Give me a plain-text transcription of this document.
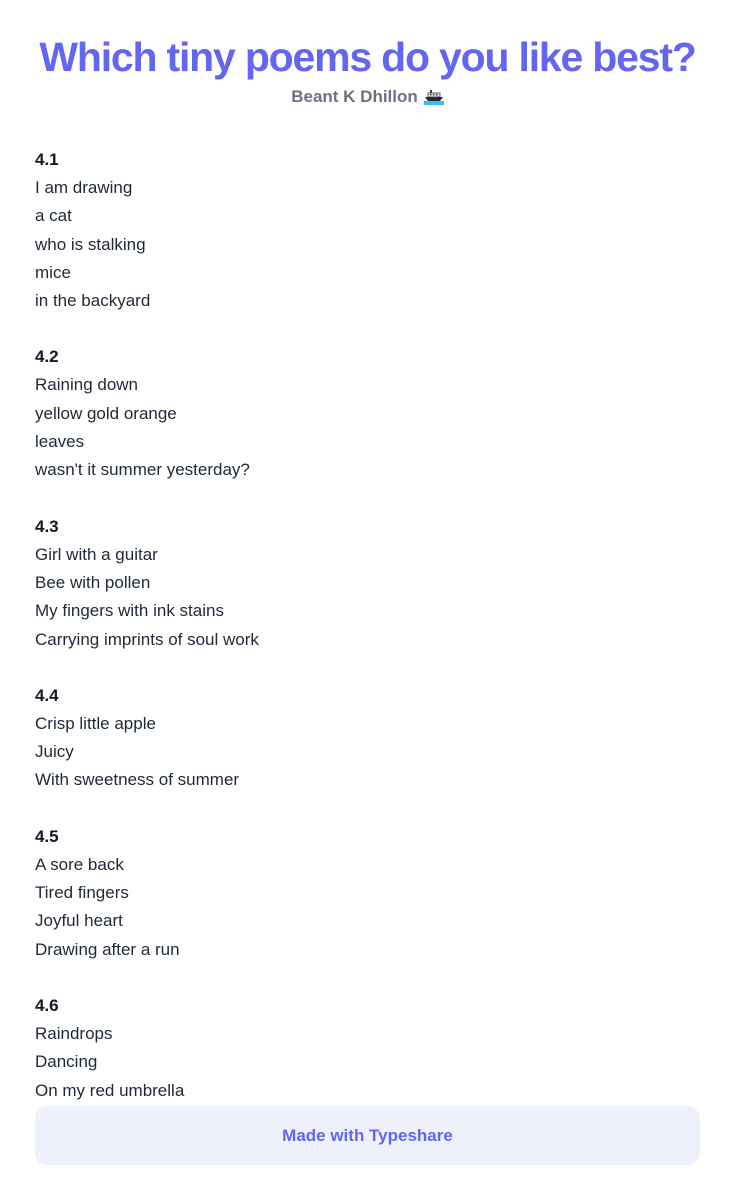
Which tiny poems do you like best?
Beant K Dhillon
4.1
I am drawing
a cat
who is stalking
mice
in the backyard
4.2
Raining down
yellow gold orange
leaves
wasn't it summer yesterday?
4.3
Girl with a guitar
Bee with pollen
My fingers with ink stains
Carrying imprints of soul work
4.4
Crisp little apple
Juicy
With sweetness of summer
4.5
A sore back
Tired fingers
Joyful heart
Drawing after a run
4.6
Raindrops
Dancing
On my red umbrella
Made with Typeshare
